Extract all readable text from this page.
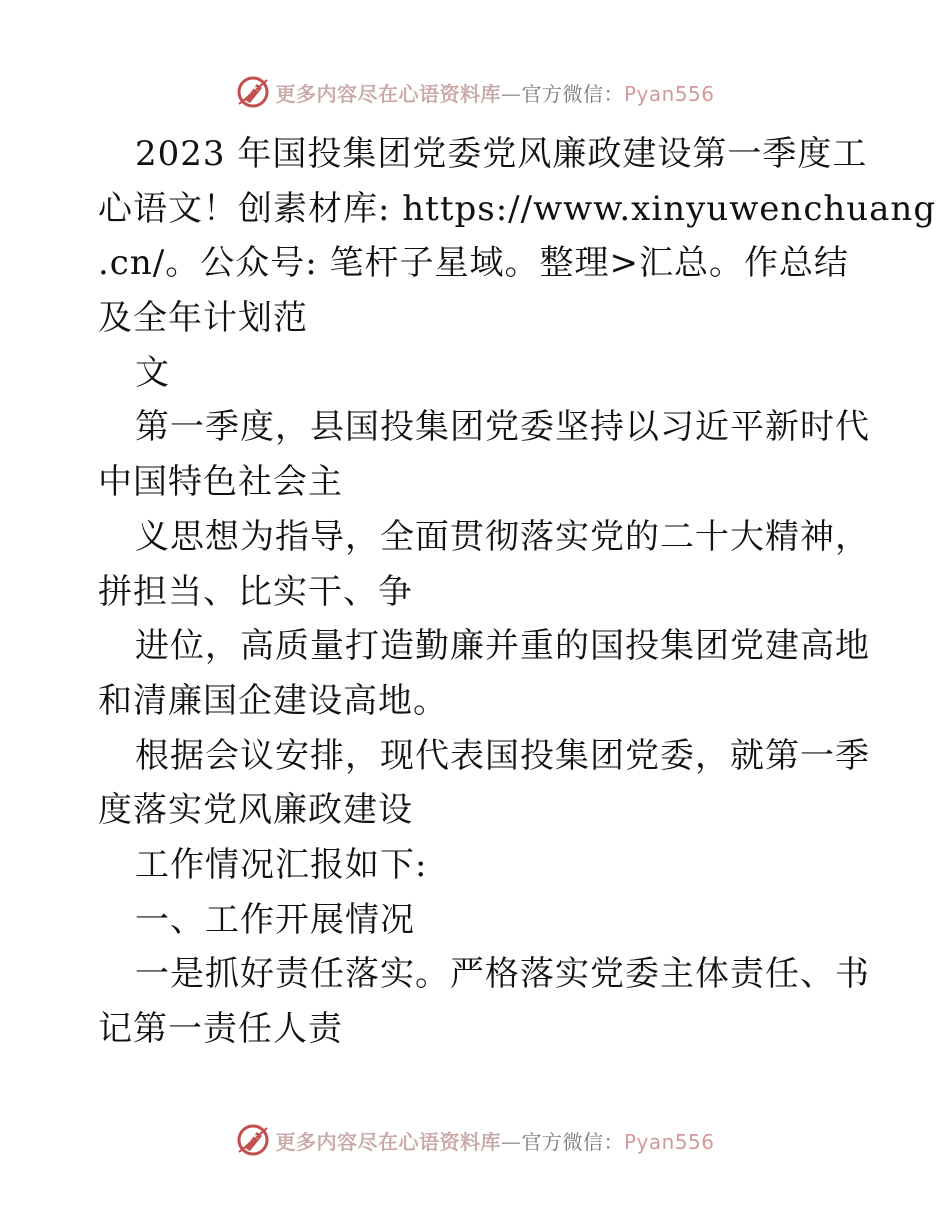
更多内容尽在心语资料库—官方微信：Pyan556
2023 年国投集团党委党风廉政建设第一季度工
心语文！创素材库: https://www.xinyuwenchuang
.cn/。公众号: 笔杆子星域。整理>汇总。作总结
及全年计划范
文
第一季度，县国投集团党委坚持以习近平新时代
中国特色社会主
义思想为指导，全面贯彻落实党的二十大精神，
拼担当、比实干、争
进位，高质量打造勤廉并重的国投集团党建高地
和清廉国企建设高地。
根据会议安排，现代表国投集团党委，就第一季
度落实党风廉政建设
工作情况汇报如下:
一、工作开展情况
一是抓好责任落实。严格落实党委主体责任、书
记第一责任人责
更多内容尽在心语资料库—官方微信：Pyan556
